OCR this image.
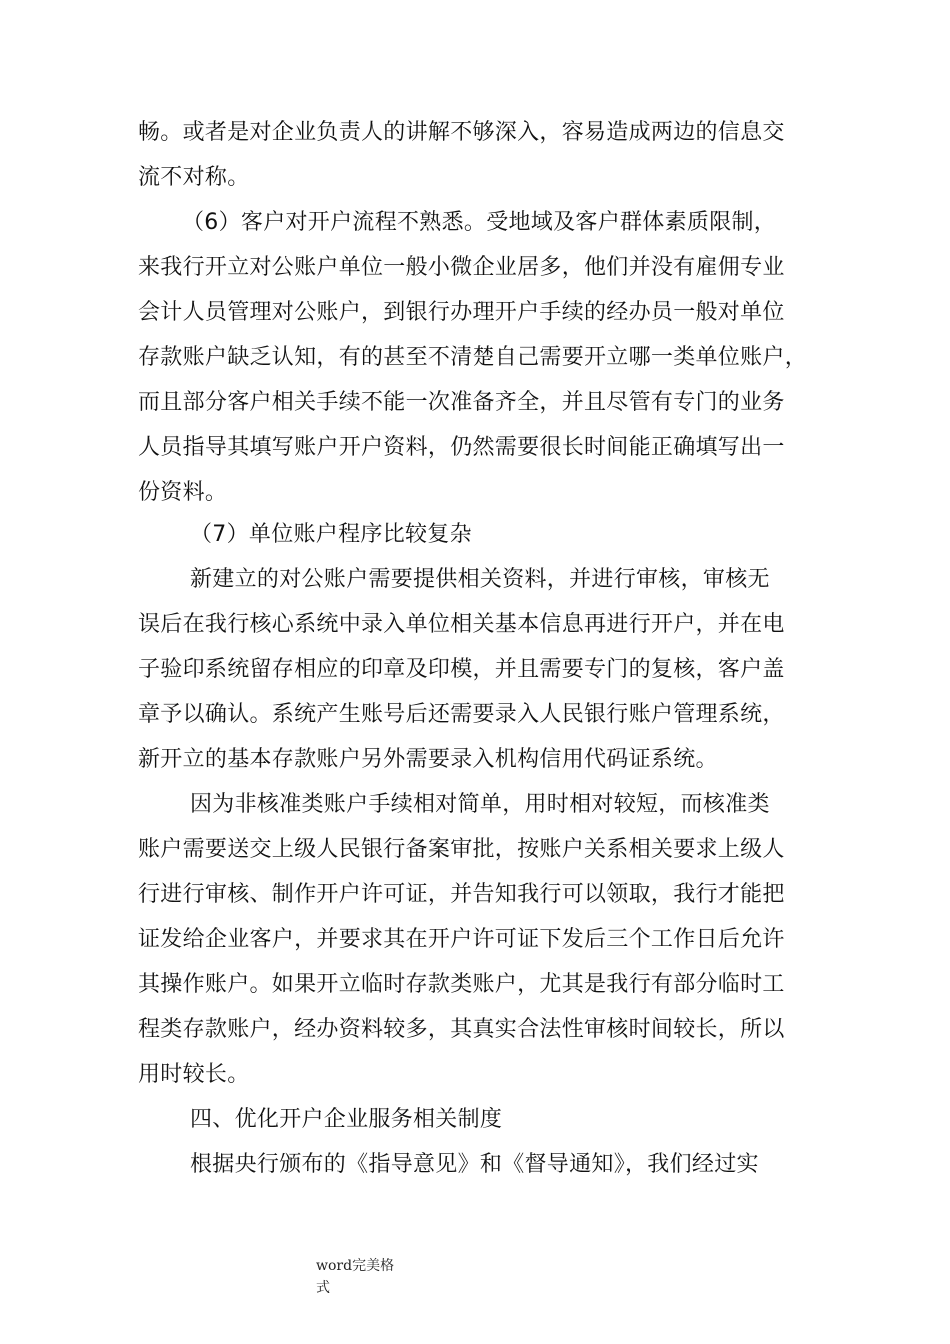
畅。或者是对企业负责人的讲解不够深入，容易造成两边的信息交
流不对称。
（6）客户对开户流程不熟悉。受地域及客户群体素质限制，
来我行开立对公账户单位一般小微企业居多，他们并没有雇佣专业
会计人员管理对公账户，到银行办理开户手续的经办员一般对单位
存款账户缺乏认知，有的甚至不清楚自己需要开立哪一类单位账户，
而且部分客户相关手续不能一次准备齐全，并且尽管有专门的业务
人员指导其填写账户开户资料，仍然需要很长时间能正确填写出一
份资料。
（7）单位账户程序比较复杂
新建立的对公账户需要提供相关资料，并进行审核，审核无
误后在我行核心系统中录入单位相关基本信息再进行开户，并在电
子验印系统留存相应的印章及印模，并且需要专门的复核，客户盖
章予以确认。系统产生账号后还需要录入人民银行账户管理系统，
新开立的基本存款账户另外需要录入机构信用代码证系统。
因为非核准类账户手续相对简单，用时相对较短，而核准类
账户需要送交上级人民银行备案审批，按账户关系相关要求上级人
行进行审核、制作开户许可证，并告知我行可以领取，我行才能把
证发给企业客户，并要求其在开户许可证下发后三个工作日后允许
其操作账户。如果开立临时存款类账户，尤其是我行有部分临时工
程类存款账户，经办资料较多，其真实合法性审核时间较长，所以
用时较长。
四、优化开户企业服务相关制度
根据央行颁布的《指导意见》和《督导通知》，我们经过实
word完美格
式
